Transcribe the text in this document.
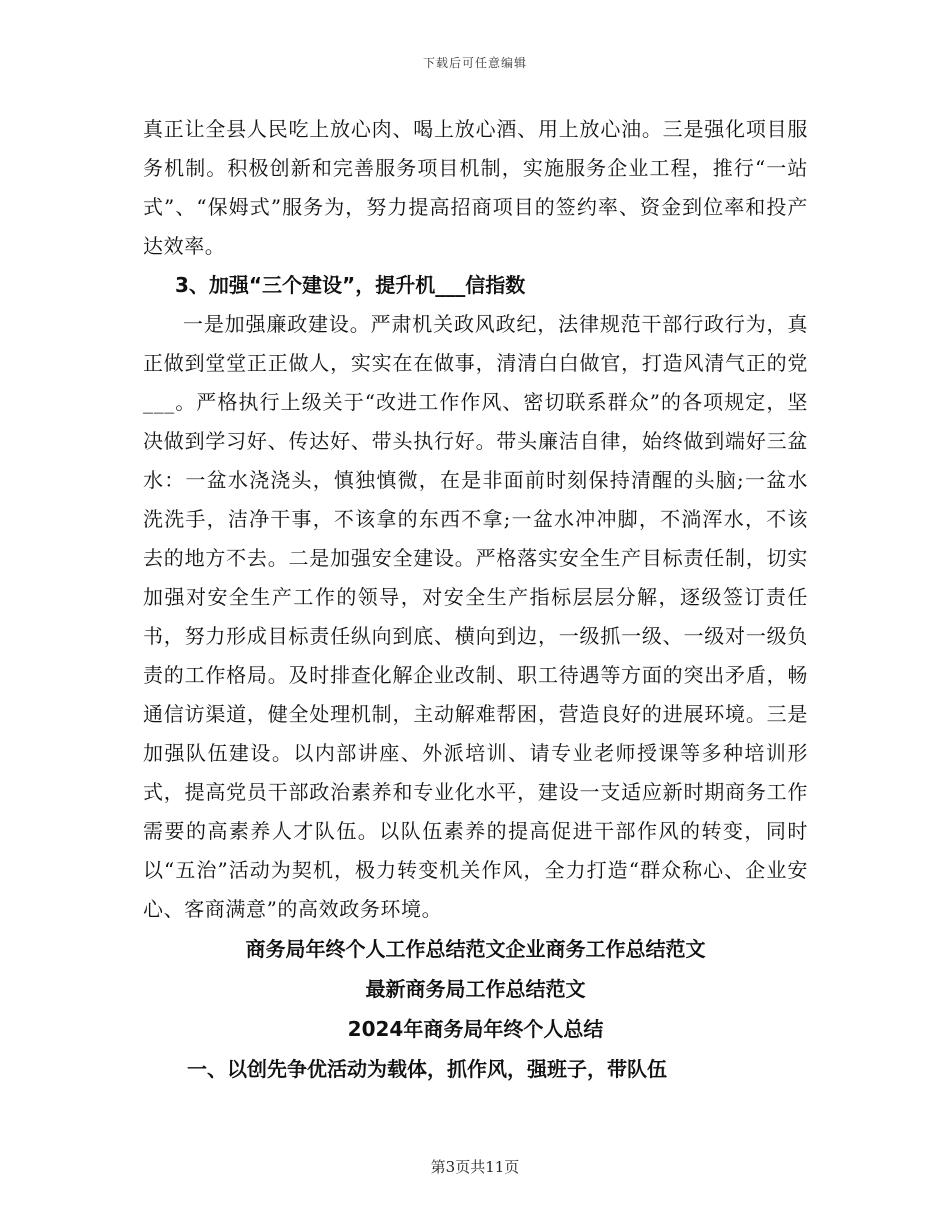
下载后可任意编辑

真正让全县人民吃上放心肉、喝上放心酒、用上放心油。三是强化项目服务机制。积极创新和完善服务项目机制，实施服务企业工程，推行“一站式”、“保姆式”服务为，努力提高招商项目的签约率、资金到位率和投产达效率。

3、加强“三个建设”，提升机___信指数

一是加强廉政建设。严肃机关政风政纪，法律规范干部行政行为，真正做到堂堂正正做人，实实在在做事，清清白白做官，打造风清气正的党___。严格执行上级关于“改进工作作风、密切联系群众”的各项规定，坚决做到学习好、传达好、带头执行好。带头廉洁自律，始终做到端好三盆水：一盆水浇浇头，慎独慎微，在是非面前时刻保持清醒的头脑;一盆水洗洗手，洁净干事，不该拿的东西不拿;一盆水冲冲脚，不淌浑水，不该去的地方不去。二是加强安全建设。严格落实安全生产目标责任制，切实加强对安全生产工作的领导，对安全生产指标层层分解，逐级签订责任书，努力形成目标责任纵向到底、横向到边，一级抓一级、一级对一级负责的工作格局。及时排查化解企业改制、职工待遇等方面的突出矛盾，畅通信访渠道，健全处理机制，主动解难帮困，营造良好的进展环境。三是加强队伍建设。以内部讲座、外派培训、请专业老师授课等多种培训形式，提高党员干部政治素养和专业化水平，建设一支适应新时期商务工作需要的高素养人才队伍。以队伍素养的提高促进干部作风的转变，同时以“五治”活动为契机，极力转变机关作风，全力打造“群众称心、企业安心、客商满意”的高效政务环境。

商务局年终个人工作总结范文企业商务工作总结范文

最新商务局工作总结范文

2024年商务局年终个人总结

一、以创先争优活动为载体，抓作风，强班子，带队伍

第3页共11页
